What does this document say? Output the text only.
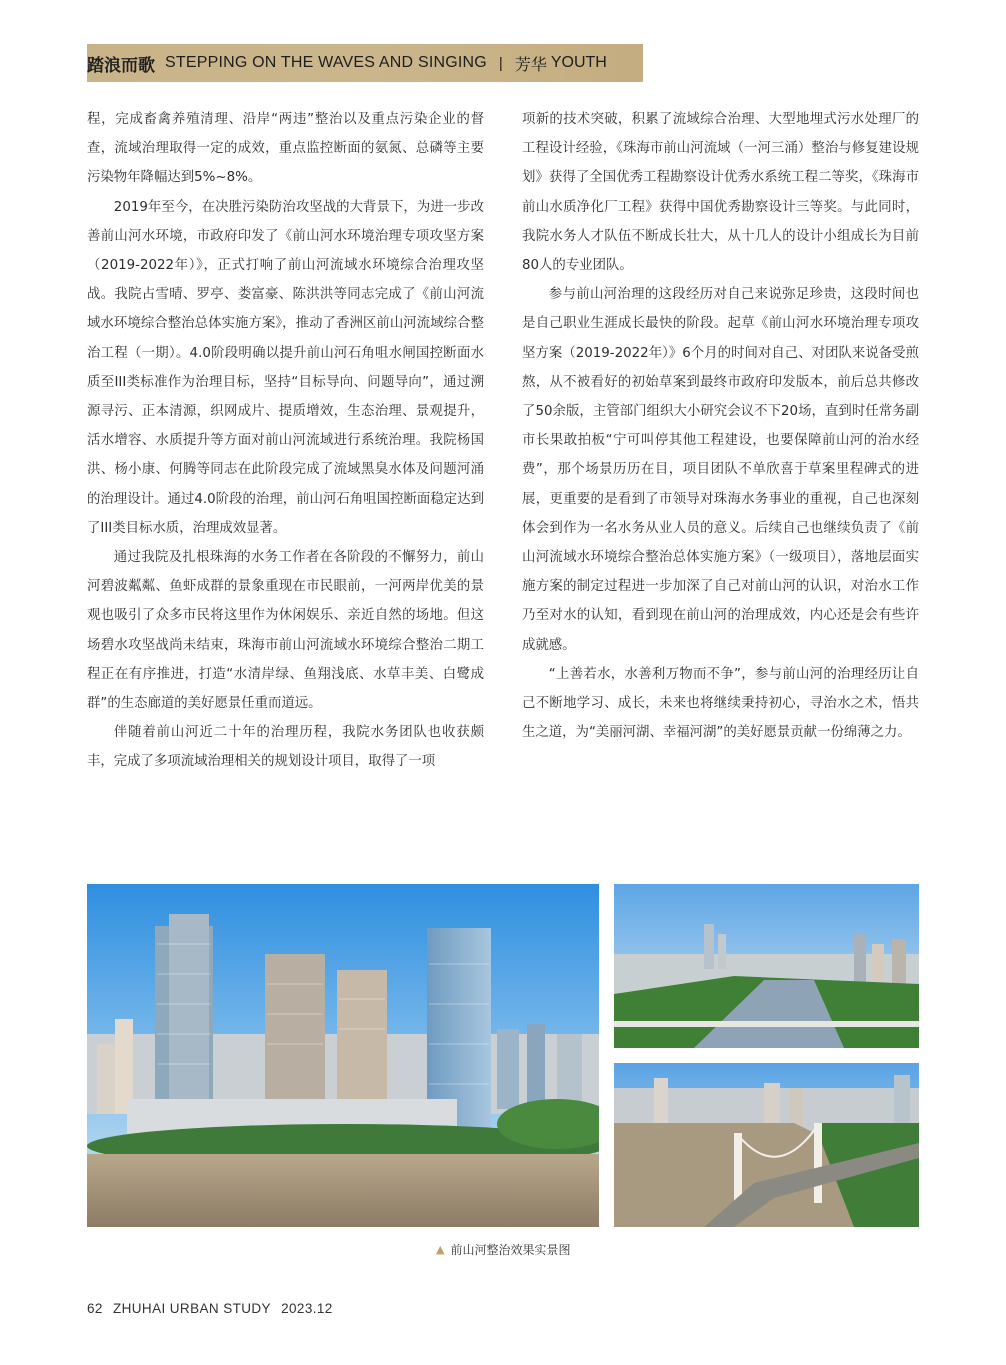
踏浪而歌 STEPPING ON THE WAVES AND SINGING | 芳华 YOUTH

程，完成畜禽养殖清理、沿岸“两违”整治以及重点污染企业的督查，流域治理取得一定的成效，重点监控断面的氨氮、总磷等主要污染物年降幅达到5%~8%。

2019年至今，在决胜污染防治攻坚战的大背景下，为进一步改善前山河水环境，市政府印发了《前山河水环境治理专项攻坚方案（2019-2022年）》，正式打响了前山河流域水环境综合治理攻坚战。我院占雪晴、罗亭、娄富豪、陈洪洪等同志完成了《前山河流域水环境综合整治总体实施方案》，推动了香洲区前山河流域综合整治工程（一期）。4.0阶段明确以提升前山河石角咀水闸国控断面水质至III类标准作为治理目标，坚持“目标导向、问题导向”，通过溯源寻污、正本清源，织网成片、提质增效，生态治理、景观提升，活水增容、水质提升等方面对前山河流域进行系统治理。我院杨国洪、杨小康、何腾等同志在此阶段完成了流域黑臭水体及问题河涌的治理设计。通过4.0阶段的治理，前山河石角咀国控断面稳定达到了III类目标水质，治理成效显著。

通过我院及扎根珠海的水务工作者在各阶段的不懈努力，前山河碧波粼粼、鱼虾成群的景象重现在市民眼前，一河两岸优美的景观也吸引了众多市民将这里作为休闲娱乐、亲近自然的场地。但这场碧水攻坚战尚未结束，珠海市前山河流域水环境综合整治二期工程正在有序推进，打造“水清岸绿、鱼翔浅底、水草丰美、白鹭成群”的生态廊道的美好愿景任重而道远。

伴随着前山河近二十年的治理历程，我院水务团队也收获颇丰，完成了多项流域治理相关的规划设计项目，取得了一项

项新的技术突破，积累了流域综合治理、大型地埋式污水处理厂的工程设计经验，《珠海市前山河流域（一河三涌）整治与修复建设规划》获得了全国优秀工程勘察设计优秀水系统工程二等奖，《珠海市前山水质净化厂工程》获得中国优秀勘察设计三等奖。与此同时，我院水务人才队伍不断成长壮大，从十几人的设计小组成长为目前80人的专业团队。

参与前山河治理的这段经历对自己来说弥足珍贵，这段时间也是自己职业生涯成长最快的阶段。起草《前山河水环境治理专项攻坚方案（2019-2022年）》6个月的时间对自己、对团队来说备受煎熬，从不被看好的初始草案到最终市政府印发版本，前后总共修改了50余版，主管部门组织大小研究会议不下20场，直到时任常务副市长果敢拍板“宁可叫停其他工程建设，也要保障前山河的治水经费”，那个场景历历在目，项目团队不单欣喜于草案里程碑式的进展，更重要的是看到了市领导对珠海水务事业的重视，自己也深刻体会到作为一名水务从业人员的意义。后续自己也继续负责了《前山河流域水环境综合整治总体实施方案》（一级项目），落地层面实施方案的制定过程进一步加深了自己对前山河的认识，对治水工作乃至对水的认知，看到现在前山河的治理成效，内心还是会有些许成就感。

“上善若水，水善利万物而不争”，参与前山河的治理经历让自己不断地学习、成长，未来也将继续秉持初心，寻治水之术，悟共生之道，为“美丽河湖、幸福河湖”的美好愿景贡献一份绵薄之力。

▲ 前山河整治效果实景图
62 ZHUHAI URBAN STUDY 2023.12
